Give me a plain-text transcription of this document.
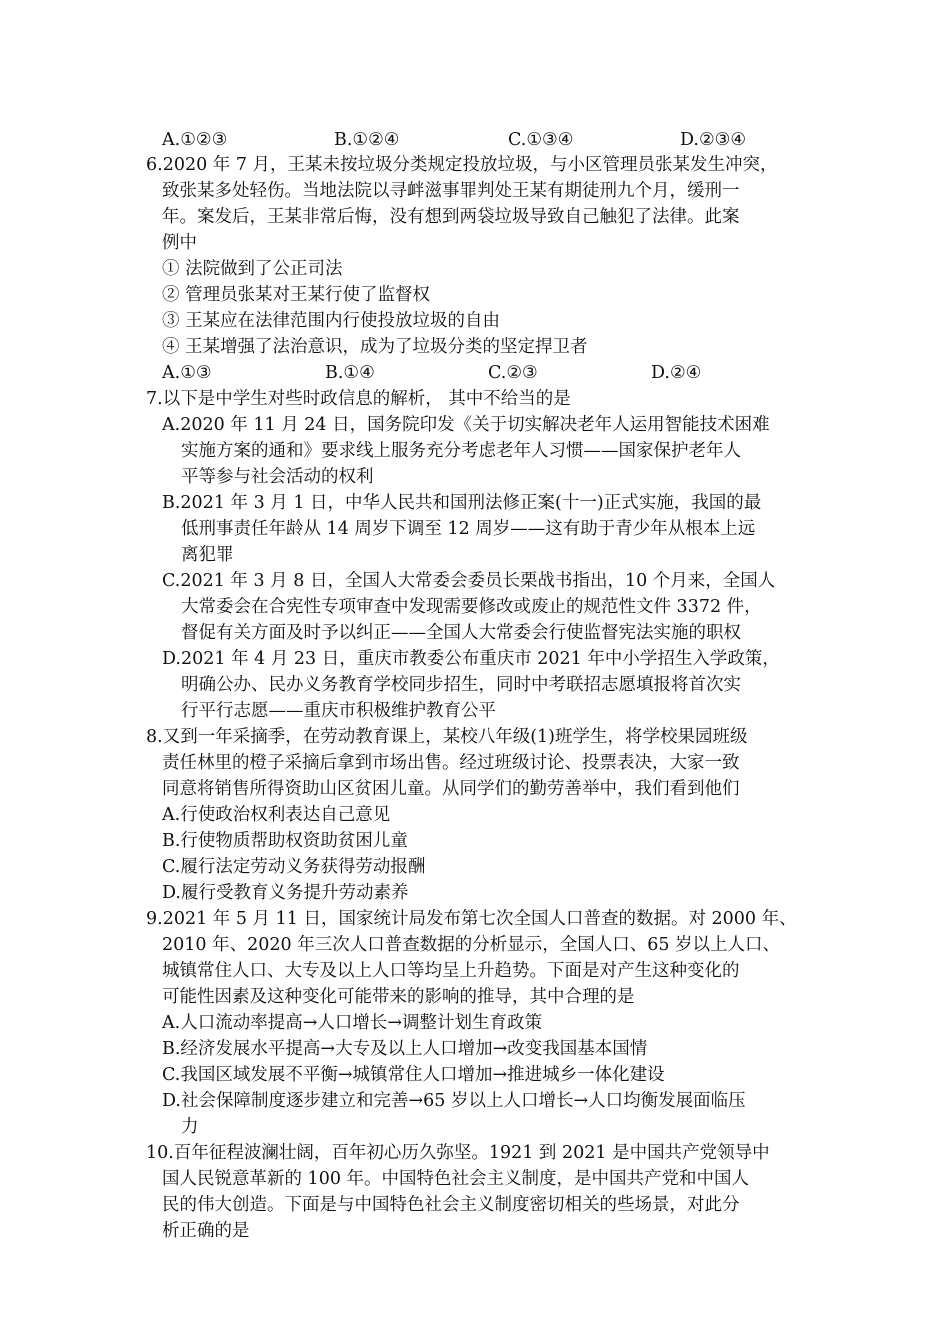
A.①②③	B.①②④	C.①③④	D.②③④
6.2020 年 7 月，王某未按垃圾分类规定投放垃圾，与小区管理员张某发生冲突，
致张某多处轻伤。当地法院以寻衅滋事罪判处王某有期徒刑九个月，缓刑一
年。案发后，王某非常后悔，没有想到两袋垃圾导致自己触犯了法律。此案
例中
① 法院做到了公正司法
② 管理员张某对王某行使了监督权
③ 王某应在法律范围内行使投放垃圾的自由
④ 王某增强了法治意识，成为了垃圾分类的坚定捍卫者
A.①③	B.①④	C.②③	D.②④
7.以下是中学生对些时政信息的解析， 其中不给当的是
A.2020 年 11 月 24 日，国务院印发《关于切实解决老年人运用智能技术困难
实施方案的通和》要求线上服务充分考虑老年人习惯——国家保护老年人
平等参与社会活动的权利
B.2021 年 3 月 1 日，中华人民共和国刑法修正案(十一)正式实施，我国的最
低刑事责任年龄从 14 周岁下调至 12 周岁——这有助于青少年从根本上远
离犯罪
C.2021 年 3 月 8 日，全国人大常委会委员长栗战书指出，10 个月来，全国人
大常委会在合宪性专项审查中发现需要修改或废止的规范性文件 3372 件，
督促有关方面及时予以纠正——全国人大常委会行使监督宪法实施的职权
D.2021 年 4 月 23 日，重庆市教委公布重庆市 2021 年中小学招生入学政策，
明确公办、民办义务教育学校同步招生，同时中考联招志愿填报将首次实
行平行志愿——重庆市积极维护教育公平
8.又到一年采摘季，在劳动教育课上，某校八年级(1)班学生，将学校果园班级
责任林里的橙子采摘后拿到市场出售。经过班级讨论、投票表决，大家一致
同意将销售所得资助山区贫困儿童。从同学们的勤劳善举中，我们看到他们
A.行使政治权利表达自己意见
B.行使物质帮助权资助贫困儿童
C.履行法定劳动义务获得劳动报酬
D.履行受教育义务提升劳动素养
9.2021 年 5 月 11 日，国家统计局发布第七次全国人口普查的数据。对 2000 年、
2010 年、2020 年三次人口普查数据的分析显示，全国人口、65 岁以上人口、
城镇常住人口、大专及以上人口等均呈上升趋势。下面是对产生这种变化的
可能性因素及这种变化可能带来的影响的推导，其中合理的是
A.人口流动率提高→人口增长→调整计划生育政策
B.经济发展水平提高→大专及以上人口增加→改变我国基本国情
C.我国区域发展不平衡→城镇常住人口增加→推进城乡一体化建设
D.社会保障制度逐步建立和完善→65 岁以上人口增长→人口均衡发展面临压
力
10.百年征程波澜壮阔，百年初心历久弥坚。1921 到 2021 是中国共产党领导中
国人民锐意革新的 100 年。中国特色社会主义制度，是中国共产党和中国人
民的伟大创造。下面是与中国特色社会主义制度密切相关的些场景，对此分
析正确的是
